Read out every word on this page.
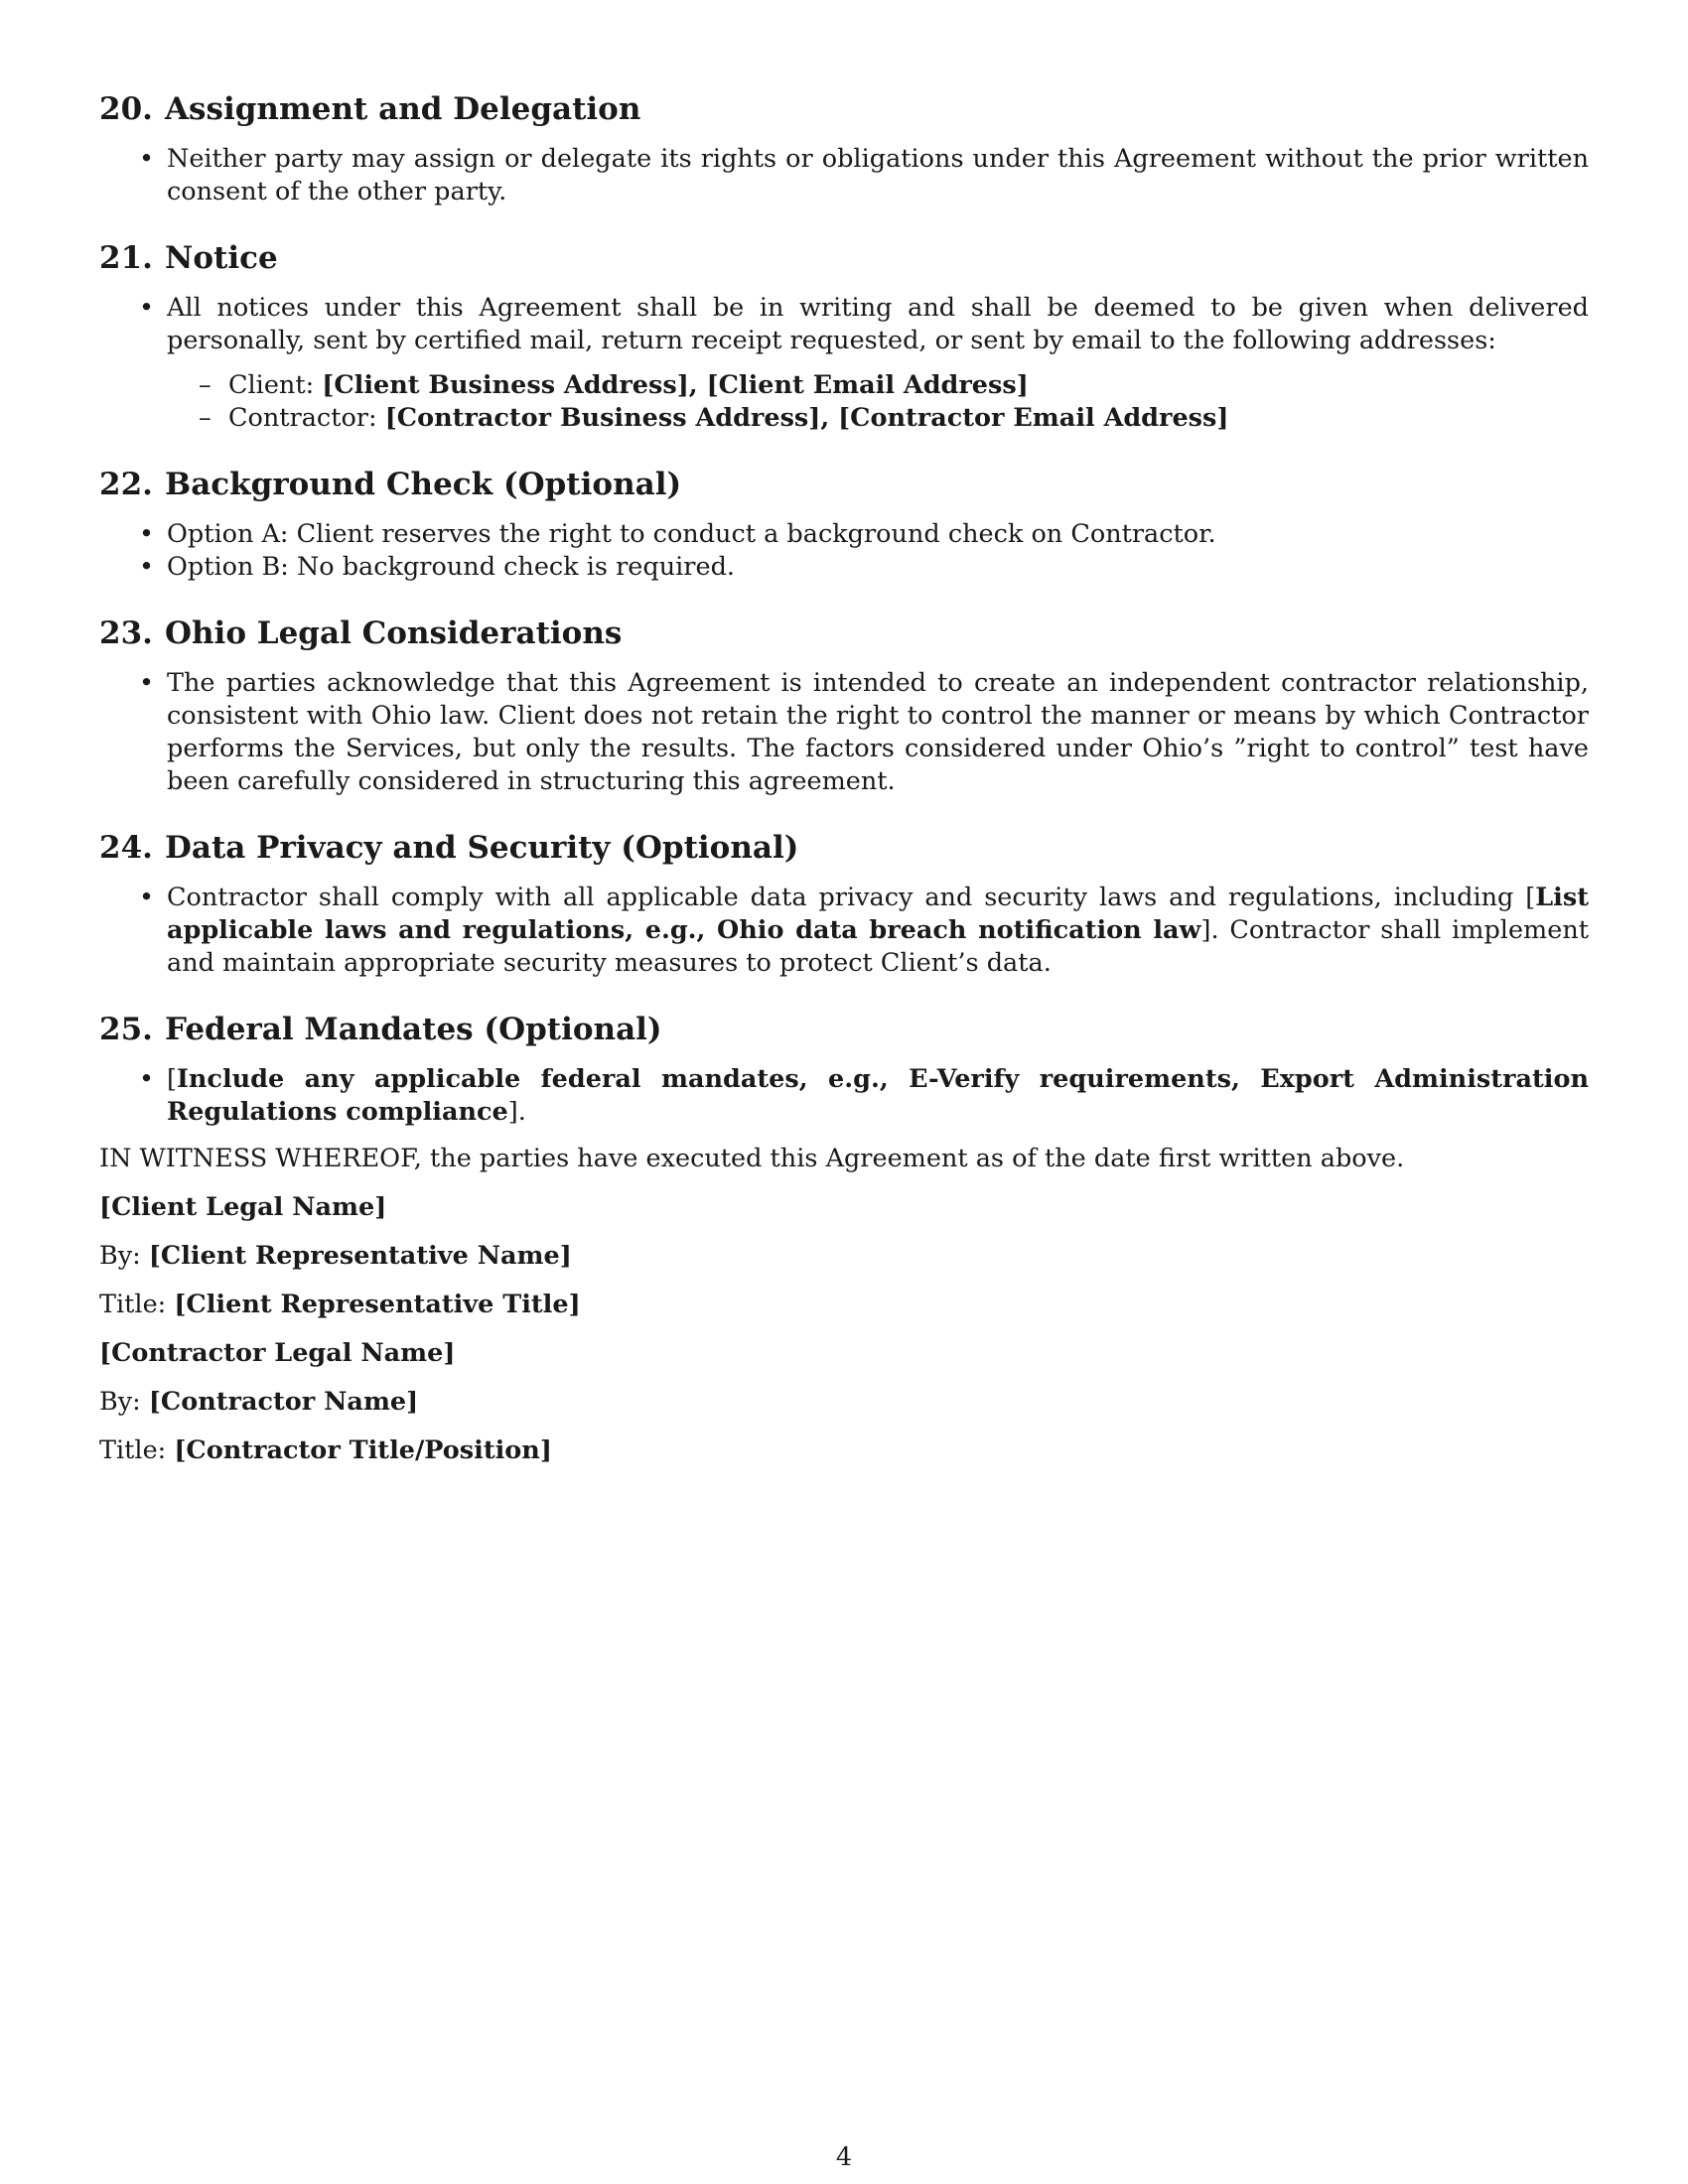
20. Assignment and Delegation
• Neither party may assign or delegate its rights or obligations under this Agreement without the prior written consent of the other party.
21. Notice
• All notices under this Agreement shall be in writing and shall be deemed to be given when delivered personally, sent by certified mail, return receipt requested, or sent by email to the following addresses:
– Client: [Client Business Address], [Client Email Address]
– Contractor: [Contractor Business Address], [Contractor Email Address]
22. Background Check (Optional)
• Option A: Client reserves the right to conduct a background check on Contractor.
• Option B: No background check is required.
23. Ohio Legal Considerations
• The parties acknowledge that this Agreement is intended to create an independent contractor relationship, consistent with Ohio law. Client does not retain the right to control the manner or means by which Contractor performs the Services, but only the results. The factors considered under Ohio’s ”right to control” test have been carefully considered in structuring this agreement.
24. Data Privacy and Security (Optional)
• Contractor shall comply with all applicable data privacy and security laws and regulations, including [List applicable laws and regulations, e.g., Ohio data breach notification law]. Contractor shall implement and maintain appropriate security measures to protect Client’s data.
25. Federal Mandates (Optional)
• [Include any applicable federal mandates, e.g., E-Verify requirements, Export Administration Regulations compliance].

IN WITNESS WHEREOF, the parties have executed this Agreement as of the date first written above.

[Client Legal Name]

By: [Client Representative Name]

Title: [Client Representative Title]

[Contractor Legal Name]

By: [Contractor Name]

Title: [Contractor Title/Position]

4
